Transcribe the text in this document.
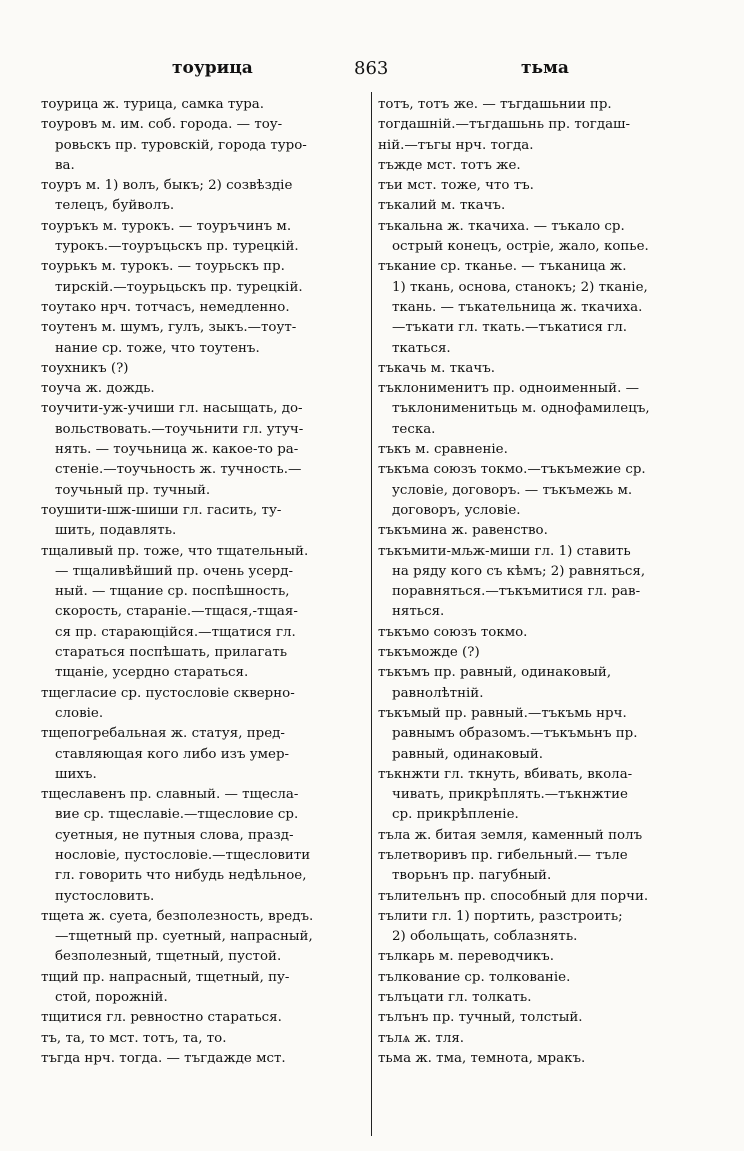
тоурица	863	тьма
тоурица ж. турица, самка тура.
тоуровъ м. им. соб. города. — тоу-
ровьскъ пр. туровскій, города туро-
ва.
тоуръ м. 1) волъ, быкъ; 2) созвѣздіе
телецъ, буйволъ.
тоуръкъ м. турокъ. — тоуръчинъ м.
турокъ.—тоуръцьскъ пр. турецкій.
тоурькъ м. турокъ. — тоурьскъ пр.
тирскій.—тоурьцьскъ пр. турецкій.
тоутако нрч. тотчасъ, немедленно.
тоутенъ м. шумъ, гулъ, зыкъ.—тоут-
нание ср. тоже, что тоутенъ.
тоухникъ (?)
тоуча ж. дождь.
тоучити-уж-учиши гл. насыщать, до-
вольствовать.—тоучьнити гл. утуч-
нять. — тоучьница ж. какое-то ра-
стеніе.—тоучьность ж. тучность.—
тоучьный пр. тучный.
тоушити-шж-шиши гл. гасить, ту-
шить, подавлять.
тщаливый пр. тоже, что тщательный.
— тщаливѣйший пр. очень усерд-
ный. — тщание ср. поспѣшность,
скорость, стараніе.—тщася,-тщая-
ся пр. старающійся.—тщатися гл.
стараться поспѣшать, прилагать
тщаніе, усердно стараться.
тщегласие ср. пустословіе скверно-
словіе.
тщепогребальная ж. статуя, пред-
ставляющая кого либо изъ умер-
шихъ.
тщеславенъ пр. славный. — тщесла-
вие ср. тщеславіе.—тщесловие ср.
суетныя, не путныя слова, празд-
нословіе, пустословіе.—тщесловити
гл. говорить что нибудь недѣльное,
пустословить.
тщета ж. суета, безполезность, вредъ.
—тщетный пр. суетный, напрасный,
безполезный, тщетный, пустой.
тщий пр. напрасный, тщетный, пу-
стой, порожній.
тщитися гл. ревностно стараться.
тъ, та, то мст. тотъ, та, то.
тъгда нрч. тогда. — тъгдажде мст.
тотъ, тотъ же. — тъгдашьнии пр.
тогдашній.—тъгдашьнь пр. тогдаш-
ній.—тъгы нрч. тогда.
тъжде мст. тотъ же.
тъи мст. тоже, что тъ.
тъкалий м. ткачъ.
тъкальна ж. ткачиха. — тъкало ср.
острый конецъ, остріе, жало, копье.
тъкание ср. тканье. — тъканица ж.
1) ткань, основа, станокъ; 2) тканіе,
ткань. — тъкательница ж. ткачиха.
—тъкати гл. ткать.—тъкатися гл.
ткаться.
тъкачь м. ткачъ.
тъклонименитъ пр. одноименный. —
тъклонименитьць м. однофамилецъ,
теска.
тъкъ м. сравненіе.
тъкъма союзъ токмо.—тъкъмежие ср.
условіе, договоръ. — тъкъмежь м.
договоръ, условіе.
тъкъмина ж. равенство.
тъкъмити-мљж-миши гл. 1) ставить
на ряду кого съ кѣмъ; 2) равняться,
поравняться.—тъкъмитися гл. рав-
няться.
тъкъмо союзъ токмо.
тъкъможде (?)
тъкъмъ пр. равный, одинаковый,
равнолѣтній.
тъкъмый пр. равный.—тъкъмь нрч.
равнымъ образомъ.—тъкъмьнъ пр.
равный, одинаковый.
тъкнжти гл. ткнуть, вбивать, вкола-
чивать, прикрѣплять.—тъкнжтие
ср. прикрѣпленіе.
тъла ж. битая земля, каменный полъ
тълетворивъ пр. гибельный.— тълe
творьнъ пр. пагубный.
тълительнъ пр. способный для порчи.
тълити гл. 1) портить, разстроить;
2) обольщать, соблазнять.
тълкарь м. переводчикъ.
тълкование ср. толкованіе.
тълъцати гл. толкать.
тълънъ пр. тучный, толстый.
тълѧ ж. тля.
тьма ж. тма, темнота, мракъ.
